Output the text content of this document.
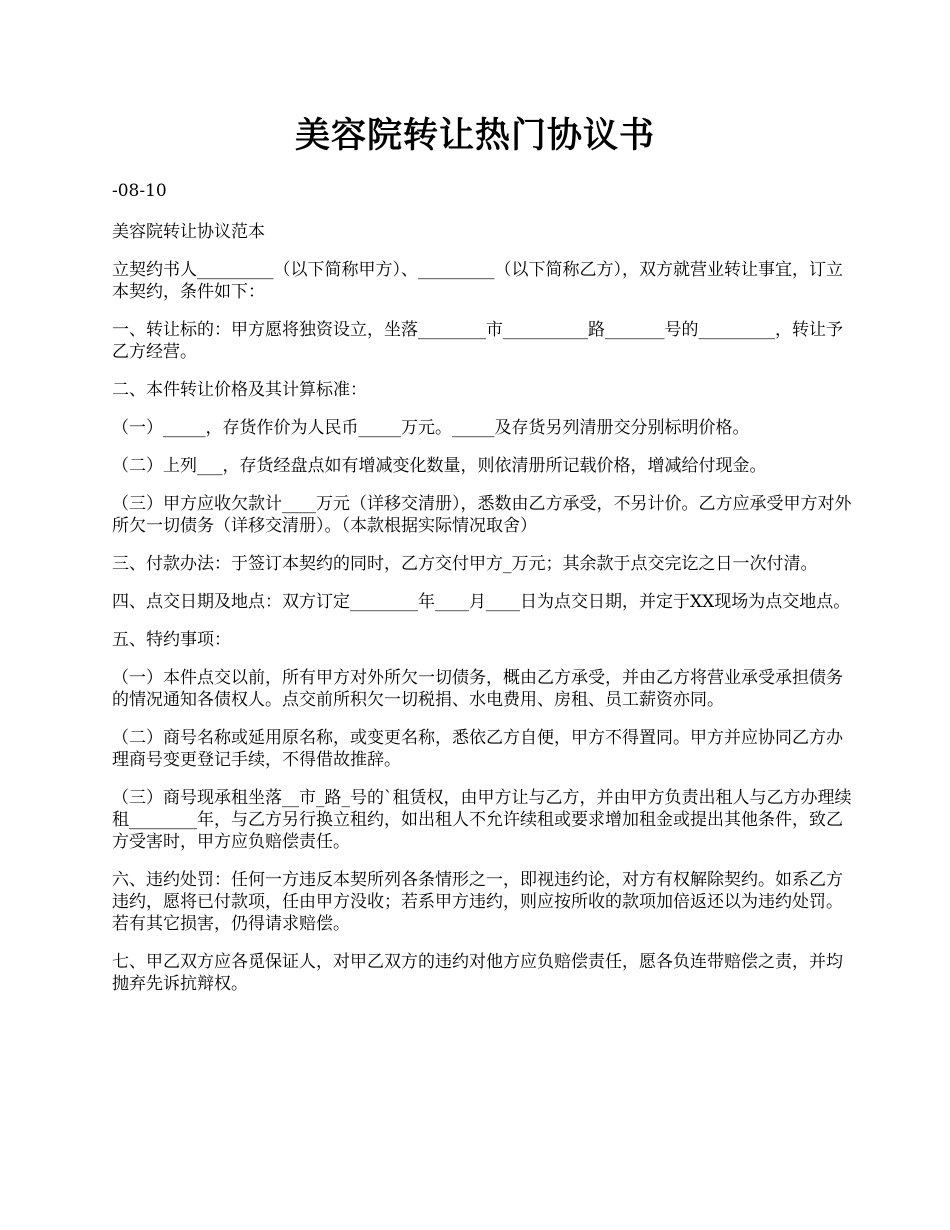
美容院转让热门协议书

-08-10

美容院转让协议范本

立契约书人_________（以下简称甲方）、_________（以下简称乙方），双方就营业转让事宜，订立本契约，条件如下：

一、转让标的：甲方愿将独资设立，坐落________市__________路_______号的_________，转让予乙方经营。

二、本件转让价格及其计算标准：

（一）_____，存货作价为人民币_____万元。_____及存货另列清册交分别标明价格。

（二）上列___，存货经盘点如有增减变化数量，则依清册所记载价格，增减给付现金。

（三）甲方应收欠款计____万元（详移交清册），悉数由乙方承受，不另计价。乙方应承受甲方对外所欠一切债务（详移交清册）。（本款根据实际情况取舍）

三、付款办法：于签订本契约的同时，乙方交付甲方_万元；其余款于点交完讫之日一次付清。

四、点交日期及地点：双方订定________年____月____日为点交日期，并定于XX现场为点交地点。

五、特约事项：

（一）本件点交以前，所有甲方对外所欠一切债务，概由乙方承受，并由乙方将营业承受承担债务的情况通知各债权人。点交前所积欠一切税捐、水电费用、房租、员工薪资亦同。

（二）商号名称或延用原名称，或变更名称，悉依乙方自便，甲方不得置同。甲方并应协同乙方办理商号变更登记手续，不得借故推辞。

（三）商号现承租坐落__市_路_号的`租赁权，由甲方让与乙方，并由甲方负责出租人与乙方办理续租________年，与乙方另行换立租约，如出租人不允许续租或要求增加租金或提出其他条件，致乙方受害时，甲方应负赔偿责任。

六、违约处罚：任何一方违反本契所列各条情形之一，即视违约论，对方有权解除契约。如系乙方违约，愿将已付款项，任由甲方没收；若系甲方违约，则应按所收的款项加倍返还以为违约处罚。若有其它损害，仍得请求赔偿。

七、甲乙双方应各觅保证人，对甲乙双方的违约对他方应负赔偿责任，愿各负连带赔偿之责，并均抛弃先诉抗辩权。
